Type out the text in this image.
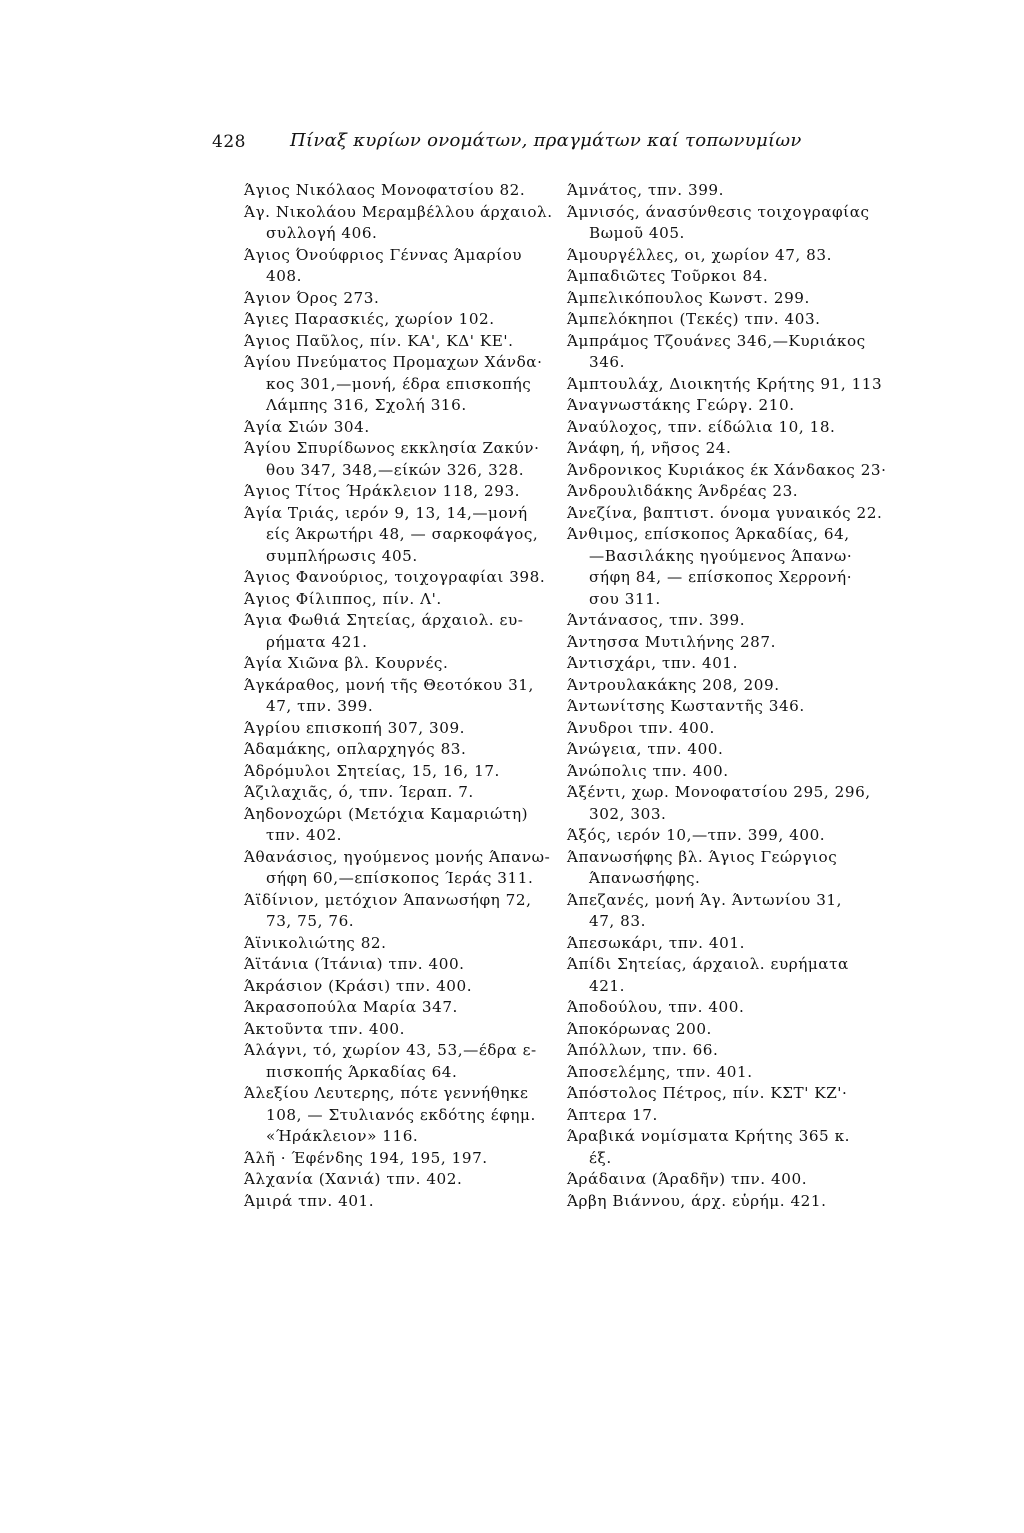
428 Πίναξ κυρίων ονομάτων, πραγμάτων καί τοπωνυμίων
Άγιος Νικόλαος Μονοφατσίου 82.
Άγ. Νικολάου Μεραμβέλλου άρχαιολ.
συλλογή 406.
Άγιος Όνούφριος Γέννας Άμαρίου
408.
Άγιον Όρος 273.
Άγιες Παρασκιές, χωρίον 102.
Άγιος Παῦλος, πίν. ΚΑ', ΚΔ' ΚΕ'.
Άγίου Πνεύματος Προμαχων Χάνδα·
κος 301,—μονή, έδρα επισκοπής
Λάμπης 316, Σχολή 316.
Άγία Σιών 304.
Άγίου Σπυρίδωνος εκκλησία Ζακύν·
θου 347, 348,—είκών 326, 328.
Άγιος Τίτος Ήράκλειον 118, 293.
Άγία Τριάς, ιερόν 9, 13, 14,—μονή
είς Άκρωτήρι 48, — σαρκοφάγος,
συμπλήρωσις 405.
Άγιος Φανούριος, τοιχογραφίαι 398.
Άγιος Φίλιππος, πίν. Λ'.
Άγια Φωθιά Σητείας, άρχαιολ. ευ-
ρήματα 421.
Άγία Χιῶνα βλ. Κουρνές.
Άγκάραθος, μονή τῆς Θεοτόκου 31,
47, τπν. 399.
Άγρίου επισκοπή 307, 309.
Άδαμάκης, οπλαρχηγός 83.
Άδρόμυλοι Σητείας, 15, 16, 17.
Άζιλαχιᾶς, ό, τπν. Ίεραπ. 7.
Άηδονοχώρι (Μετόχια Καμαριώτη)
τπν. 402.
Άθανάσιος, ηγούμενος μονής Άπανω-
σήφη 60,—επίσκοπος Ίεράς 311.
Άϊδίνιον, μετόχιον Άπανωσήφη 72,
73, 75, 76.
Άϊνικολιώτης 82.
Άϊτάνια (Ίτάνια) τπν. 400.
Άκράσιον (Κράσι) τπν. 400.
Άκρασοπούλα Μαρία 347.
Άκτοῦντα τπν. 400.
Άλάγνι, τό, χωρίον 43, 53,—έδρα ε-
πισκοπής Άρκαδίας 64.
Άλεξίου Λευτερης, πότε γεννήθηκε
108, — Στυλιανός εκδότης έφημ.
«Ήράκλειον» 116.
Άλῆ · Έφένδης 194, 195, 197.
Άλχανία (Χανιά) τπν. 402.
Άμιρά τπν. 401.
Άμνάτος, τπν. 399.
Άμνισός, άνασύνθεσις τοιχογραφίας
Βωμοῦ 405.
Άμουργέλλες, οι, χωρίον 47, 83.
Άμπαδιῶτες Τοῦρκοι 84.
Άμπελικόπουλος Κωνστ. 299.
Άμπελόκηποι (Τεκές) τπν. 403.
Άμπράμος Τζουάνες 346,—Κυριάκος
346.
Άμπτουλάχ, Διοικητής Κρήτης 91, 113
Άναγνωστάκης Γεώργ. 210.
Άναύλοχος, τπν. είδώλια 10, 18.
Άνάφη, ή, νῆσος 24.
Άνδρονικος Κυριάκος έκ Χάνδακος 23·
Άνδρουλιδάκης Άνδρέας 23.
Άνεζίνα, βαπτιστ. όνομα γυναικός 22.
Άνθιμος, επίσκοπος Άρκαδίας, 64,
—Βασιλάκης ηγούμενος Άπανω·
σήφη 84, — επίσκοπος Χερρονή·
σου 311.
Άντάνασος, τπν. 399.
Άντησσα Μυτιλήνης 287.
Άντισχάρι, τπν. 401.
Άντρουλακάκης 208, 209.
Άντωνίτσης Κωσταντῆς 346.
Άνυδροι τπν. 400.
Άνώγεια, τπν. 400.
Άνώπολις τπν. 400.
Άξέντι, χωρ. Μονοφατσίου 295, 296,
302, 303.
Άξός, ιερόν 10,—τπν. 399, 400.
Άπανωσήφης βλ. Άγιος Γεώργιος
Άπανωσήφης.
Άπεζανές, μονή Άγ. Άντωνίου 31,
47, 83.
Άπεσωκάρι, τπν. 401.
Άπίδι Σητείας, άρχαιολ. ευρήματα
421.
Άποδούλου, τπν. 400.
Άποκόρωνας 200.
Άπόλλων, τπν. 66.
Άποσελέμης, τπν. 401.
Άπόστολος Πέτρος, πίν. ΚΣΤ' ΚΖ'·
Άπτερα 17.
Άραβικά νομίσματα Κρήτης 365 κ.
έξ.
Άράδαινα (Άραδῆν) τπν. 400.
Άρβη Βιάννου, άρχ. εὑρήμ. 421.
